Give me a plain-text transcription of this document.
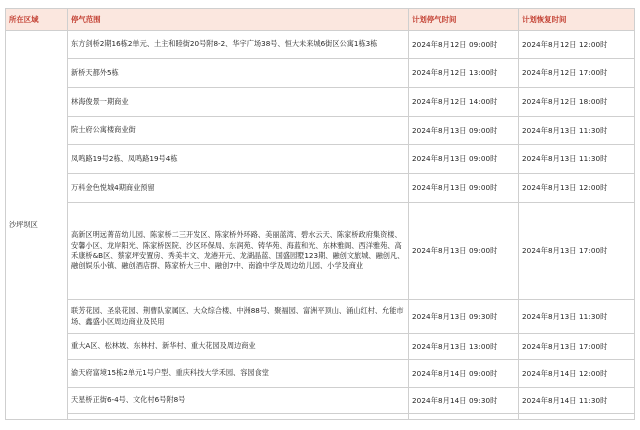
所在区域	停气范围	计划停气时间	计划恢复时间
沙坪坝区	东方剑桥2期16栋2单元、土主和睦街20号附8-2、华宇广场38号、恒大未来城6街区公寓1栋3栋	2024年8月12日 09:00时	2024年8月12日 12:00时
	新桥天都外5栋	2024年8月12日 13:00时	2024年8月12日 17:00时
	林海俊景一期商业	2024年8月12日 14:00时	2024年8月12日 18:00时
	院士府公寓楼商业街	2024年8月13日 09:00时	2024年8月13日 11:30时
	凤鸣路19号2栋、凤鸣路19号4栋	2024年8月13日 09:00时	2024年8月13日 11:30时
	万科金色悦城4期商业预留	2024年8月13日 09:00时	2024年8月13日 12:00时
	高新区明远菁苗幼儿园、陈家桥二三开发区、陈家桥外环路、美丽蓝湾、碧水云天、陈家桥政府集资楼、安馨小区、龙岸阳光、陈家桥医院、沙区环保局、东润苑、铸华苑、海蓝和光、东林雅阁、西洋雅苑、高禾康桥&B区、蔡家坪安置房、秀美丰文、龙港开元、龙湖晶蓝、国盛园墅123期、融创文旅城、融创凡、融创娱乐小镇、融创酒店群、陈家桥大三中、融创7中、南渝中学及周边幼儿园、小学及商业	2024年8月13日 09:00时	2024年8月13日 17:00时
	联芳花园、圣泉花园、荆曹队家属区、大众综合楼、中洲88号、聚福园、富洲平顶山、涌山红村、允能市场、鑫盛小区周边商业及民用	2024年8月13日 09:30时	2024年8月13日 11:30时
	重大A区、松林坡、东林村、新华村、重大花园及周边商业	2024年8月13日 13:00时	2024年8月13日 17:00时
	渝天府富境15栋2单元1号户型、重庆科技大学禾园、容园食堂	2024年8月14日 09:00时	2024年8月14日 12:00时
	天星桥正街6-4号、文化村6号附8号	2024年8月14日 09:30时	2024年8月14日 11:30时
